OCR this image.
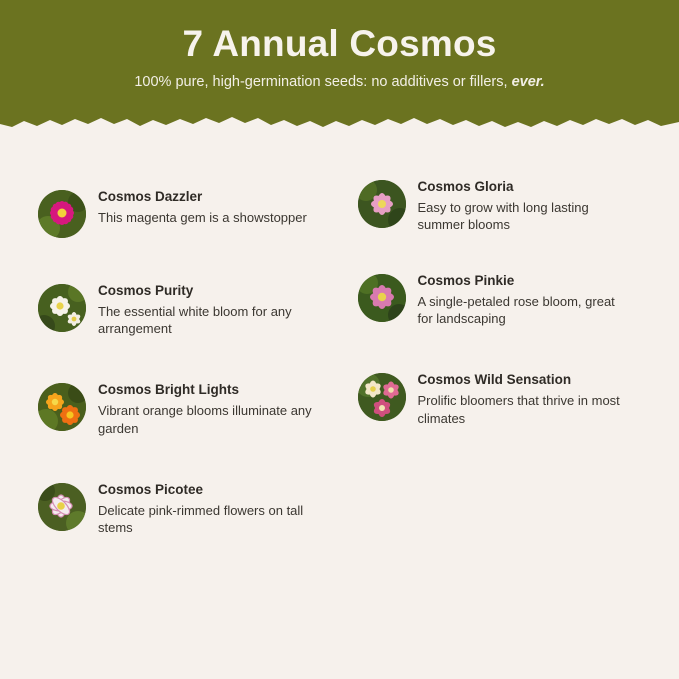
7 Annual Cosmos

100% pure, high-germination seeds: no additives or fillers, ever.

Cosmos Dazzler

This magenta gem is a showstopper

Cosmos Gloria

Easy to grow with long lasting summer blooms

Cosmos Purity

The essential white bloom for any arrangement

Cosmos Pinkie

A single-petaled rose bloom, great for landscaping

Cosmos Bright Lights

Vibrant orange blooms illuminate any garden

Cosmos Wild Sensation

Prolific bloomers that thrive in most climates

Cosmos Picotee

Delicate pink-rimmed flowers on tall stems
